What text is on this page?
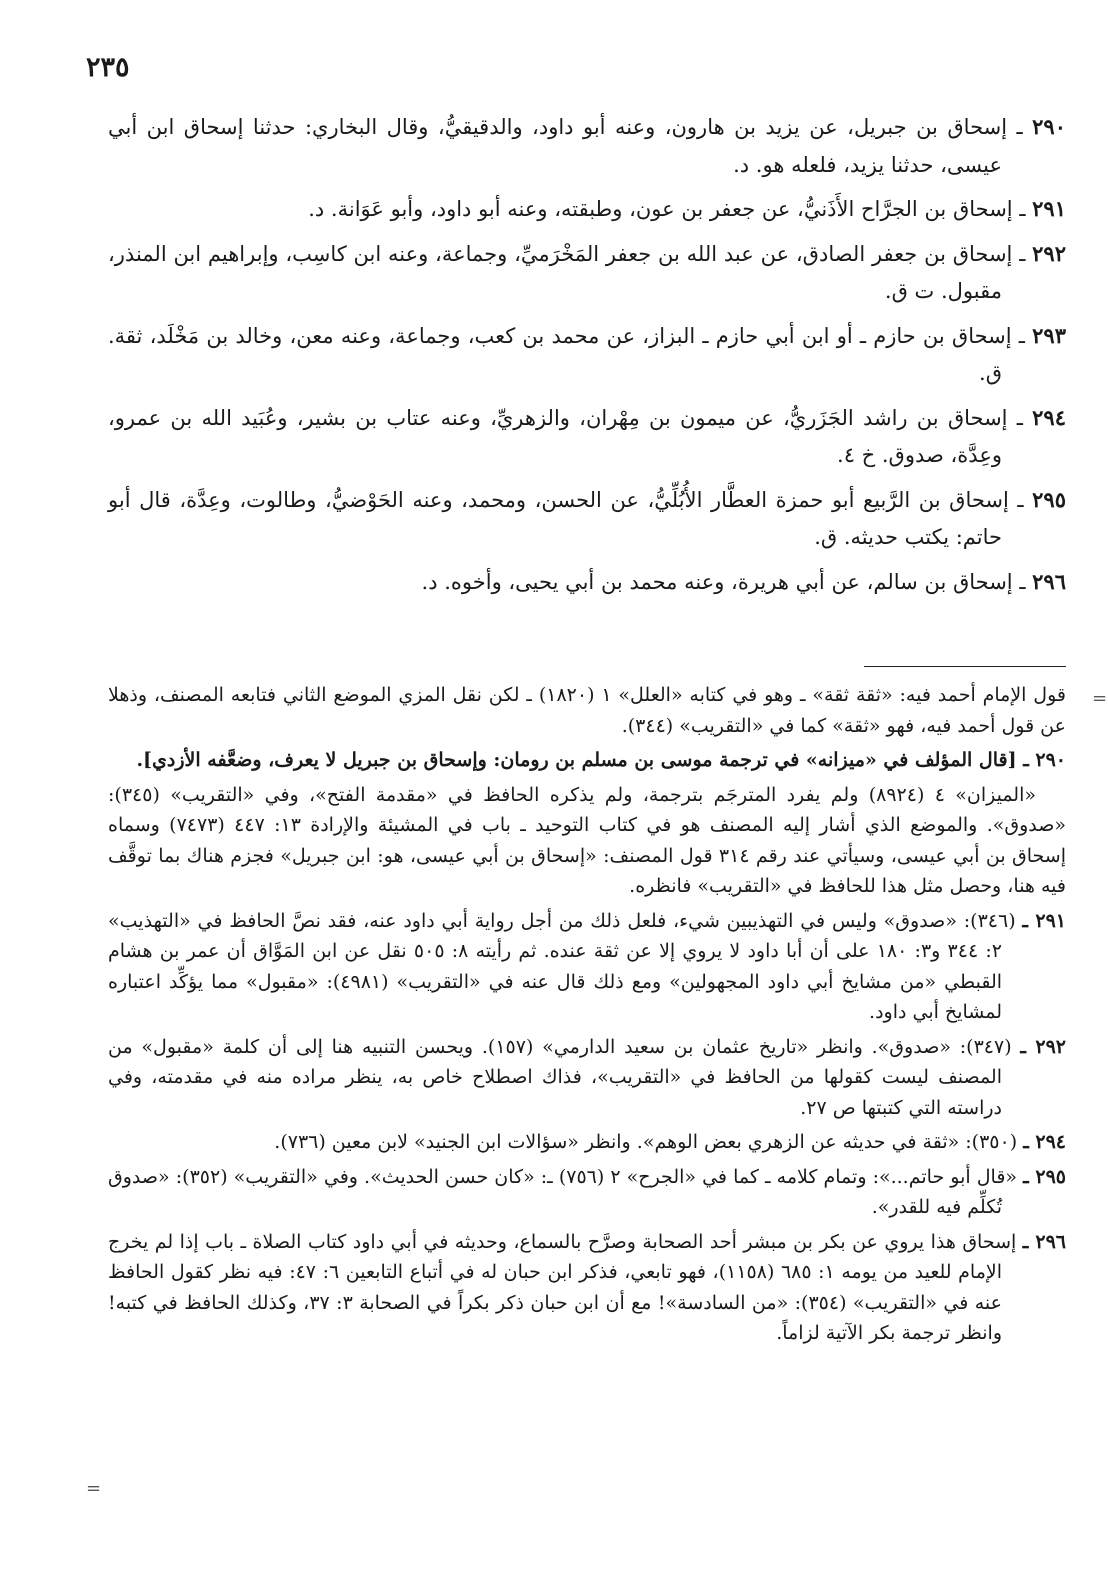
٢٣٥

٢٩٠ ـ إسحاق بن جبريل، عن يزيد بن هارون، وعنه أبو داود، والدقيقيُّ، وقال البخاري: حدثنا إسحاق ابن أبي عيسى، حدثنا يزيد، فلعله هو. د.

٢٩١ ـ إسحاق بن الجرَّاح الأَذَنيُّ، عن جعفر بن عون، وطبقته، وعنه أبو داود، وأبو عَوَانة. د.

٢٩٢ ـ إسحاق بن جعفر الصادق، عن عبد الله بن جعفر المَخْرَميِّ، وجماعة، وعنه ابن كاسِب، وإبراهيم ابن المنذر، مقبول. ت ق.

٢٩٣ ـ إسحاق بن حازم ـ أو ابن أبي حازم ـ البزاز، عن محمد بن كعب، وجماعة، وعنه معن، وخالد بن مَخْلَد، ثقة. ق.

٢٩٤ ـ إسحاق بن راشد الجَزَريُّ، عن ميمون بن مِهْران، والزهريِّ، وعنه عتاب بن بشير، وعُبَيد الله بن عمرو، وعِدَّة، صدوق. خ ٤.

٢٩٥ ـ إسحاق بن الرَّبيع أبو حمزة العطَّار الأُبُلِّيُّ، عن الحسن، ومحمد، وعنه الحَوْضيُّ، وطالوت، وعِدَّة، قال أبو حاتم: يكتب حديثه. ق.

٢٩٦ ـ إسحاق بن سالم، عن أبي هريرة، وعنه محمد بن أبي يحيى، وأخوه. د.

قول الإمام أحمد فيه: «ثقة ثقة» ـ وهو في كتابه «العلل» ١ (١٨٢٠) ـ لكن نقل المزي الموضع الثاني فتابعه المصنف، وذهلا عن قول أحمد فيه، فهو «ثقة» كما في «التقريب» (٣٤٤).

٢٩٠ ـ [قال المؤلف في «ميزانه» في ترجمة موسى بن مسلم بن رومان: وإسحاق بن جبريل لا يعرف، وضعَّفه الأزدي].

«الميزان» ٤ (٨٩٢٤) ولم يفرد المترجَم بترجمة، ولم يذكره الحافظ في «مقدمة الفتح»، وفي «التقريب» (٣٤٥): «صدوق». والموضع الذي أشار إليه المصنف هو في كتاب التوحيد ـ باب في المشيئة والإرادة ١٣: ٤٤٧ (٧٤٧٣) وسماه إسحاق بن أبي عيسى، وسيأتي عند رقم ٣١٤ قول المصنف: «إسحاق بن أبي عيسى، هو: ابن جبريل» فجزم هناك بما توقَّف فيه هنا، وحصل مثل هذا للحافظ في «التقريب» فانظره.

٢٩١ ـ (٣٤٦): «صدوق» وليس في التهذيبين شيء، فلعل ذلك من أجل رواية أبي داود عنه، فقد نصَّ الحافظ في «التهذيب» ٢: ٣٤٤ و٣: ١٨٠ على أن أبا داود لا يروي إلا عن ثقة عنده. ثم رأيته ٨: ٥٠٥ نقل عن ابن المَوَّاق أن عمر بن هشام القبطي «من مشايخ أبي داود المجهولين» ومع ذلك قال عنه في «التقريب» (٤٩٨١): «مقبول» مما يؤكِّد اعتباره لمشايخ أبي داود.

٢٩٢ ـ (٣٤٧): «صدوق». وانظر «تاريخ عثمان بن سعيد الدارمي» (١٥٧). ويحسن التنبيه هنا إلى أن كلمة «مقبول» من المصنف ليست كقولها من الحافظ في «التقريب»، فذاك اصطلاح خاص به، ينظر مراده منه في مقدمته، وفي دراسته التي كتبتها ص ٢٧.

٢٩٤ ـ (٣٥٠): «ثقة في حديثه عن الزهري بعض الوهم». وانظر «سؤالات ابن الجنيد» لابن معين (٧٣٦).

٢٩٥ ـ «قال أبو حاتم...»: وتمام كلامه ـ كما في «الجرح» ٢ (٧٥٦) ـ: «كان حسن الحديث». وفي «التقريب» (٣٥٢): «صدوق تُكلِّم فيه للقدر».

٢٩٦ ـ إسحاق هذا يروي عن بكر بن مبشر أحد الصحابة وصرَّح بالسماع، وحديثه في أبي داود كتاب الصلاة ـ باب إذا لم يخرج الإمام للعيد من يومه ١: ٦٨٥ (١١٥٨)، فهو تابعي، فذكر ابن حبان له في أتباع التابعين ٦: ٤٧: فيه نظر كقول الحافظ عنه في «التقريب» (٣٥٤): «من السادسة»! مع أن ابن حبان ذكر بكراً في الصحابة ٣: ٣٧، وكذلك الحافظ في كتبه! وانظر ترجمة بكر الآتية لزاماً.

=
=
